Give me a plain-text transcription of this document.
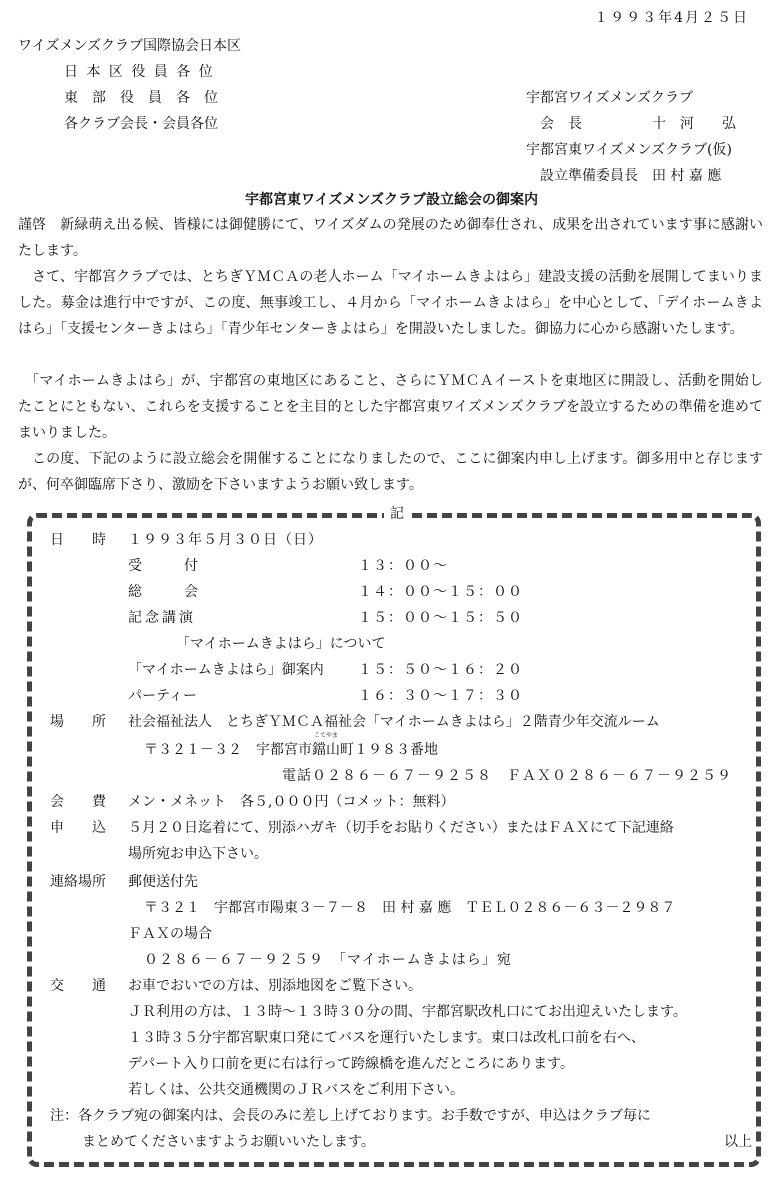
１９９３年4月２５日
ワイズメンズクラブ国際協会日本区
日 本 区 役 員 各 位
東　部　役　員　各　位
各クラブ会長・会員各位
宇都宮ワイズメンズクラブ
会　長　　　　　十　河　　弘
宇都宮東ワイズメンズクラブ(仮)
設立準備委員長　田 村 嘉 應
宇都宮東ワイズメンズクラブ設立総会の御案内

謹啓　新緑萌え出る候、皆様には御健勝にて、ワイズダムの発展のため御奉仕され、成果を出されています事に感謝いたします。

　さて、宇都宮クラブでは、とちぎＹＭＣＡの老人ホーム「マイホームきよはら」建設支援の活動を展開してまいりました。募金は進行中ですが、この度、無事竣工し、４月から「マイホームきよはら」を中心として、「デイホームきよはら」「支援センターきよはら」「青少年センターきよはら」を開設いたしました。御協力に心から感謝いたします。

　「マイホームきよはら」が、宇都宮の東地区にあること、さらにＹＭＣＡイーストを東地区に開設し、活動を開始したことにともない、これらを支援することを主目的とした宇都宮東ワイズメンズクラブを設立するための準備を進めてまいりました。

　この度、下記のように設立総会を開催することになりましたので、ここに御案内申し上げます。御多用中と存じますが、何卒御臨席下さり、激励を下さいますようお願い致します。

記
日　　時 １９９３年５月３０日（日）
受　　　付	１３：００～
総　　　会	１４：００～１５：００
記念講演	１５：００～１５：５０
「マイホームきよはら」について
「マイホームきよはら」御案内 １５：５０～１６：２０
パーティー	１６：３０～１７：３０
場　　所 社会福祉法人　とちぎＹＭＣＡ福祉会「マイホームきよはら」２階青少年交流ルーム
〒３２１－３２　 宇都宮市
こてやま
鐺山町１９８３番地
電話０２８６－６７－９２５８　ＦＡＸ０２８６－６７－９２５９
会　　費 メン・メネット　各５,０００円（コメット：無料）
申　　込 ５月２０日迄着にて、別添ハガキ（切手をお貼りください）またはＦＡＸにて下記連絡
場所宛お申込下さい。
連絡場所 郵便送付先
〒３２１　宇都宮市陽東３－７－８　田 村 嘉 應　ＴＥＬ０２８６－６３－２９８７
ＦＡＸの場合
０２８６－６７－９２５９　「マイホームきよはら」宛
交　　通 お車でおいでの方は、別添地図をご覧下さい。
ＪＲ利用の方は、１３時～１３時３０分の間、宇都宮駅改札口にてお出迎えいたします。
１３時３５分宇都宮駅東口発にてバスを運行いたします。東口は改札口前を右へ、
デパート入り口前を更に右は行って跨線橋を進んだところにあります。
若しくは、公共交通機関のＪＲバスをご利用下さい。
注：各クラブ宛の御案内は、会長のみに差し上げております。お手数ですが、申込はクラブ毎に
まとめてくださいますようお願いいたします。	以上
